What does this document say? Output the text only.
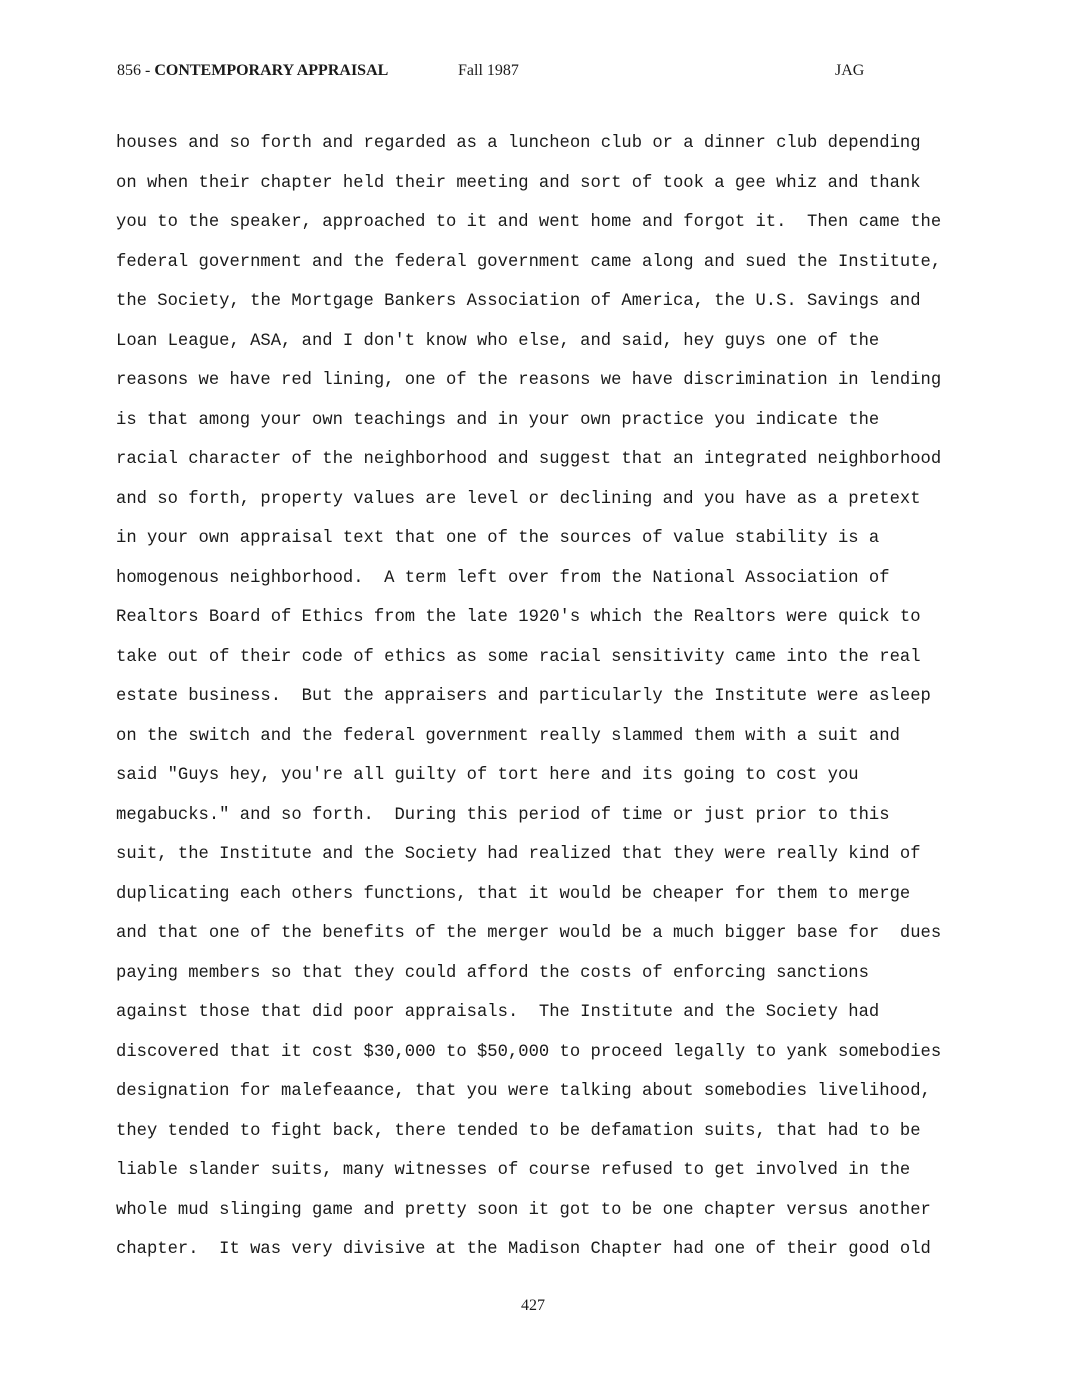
856 - CONTEMPORARY APPRAISAL	Fall 1987	JAG
houses and so forth and regarded as a luncheon club or a dinner club depending
on when their chapter held their meeting and sort of took a gee whiz and thank
you to the speaker, approached to it and went home and forgot it.  Then came the
federal government and the federal government came along and sued the Institute,
the Society, the Mortgage Bankers Association of America, the U.S. Savings and
Loan League, ASA, and I don't know who else, and said, hey guys one of the
reasons we have red lining, one of the reasons we have discrimination in lending
is that among your own teachings and in your own practice you indicate the
racial character of the neighborhood and suggest that an integrated neighborhood
and so forth, property values are level or declining and you have as a pretext
in your own appraisal text that one of the sources of value stability is a
homogenous neighborhood.  A term left over from the National Association of
Realtors Board of Ethics from the late 1920's which the Realtors were quick to
take out of their code of ethics as some racial sensitivity came into the real
estate business.  But the appraisers and particularly the Institute were asleep
on the switch and the federal government really slammed them with a suit and
said "Guys hey, you're all guilty of tort here and its going to cost you
megabucks." and so forth.  During this period of time or just prior to this
suit, the Institute and the Society had realized that they were really kind of
duplicating each others functions, that it would be cheaper for them to merge
and that one of the benefits of the merger would be a much bigger base for  dues
paying members so that they could afford the costs of enforcing sanctions
against those that did poor appraisals.  The Institute and the Society had
discovered that it cost $30,000 to $50,000 to proceed legally to yank somebodies
designation for malefeaance, that you were talking about somebodies livelihood,
they tended to fight back, there tended to be defamation suits, that had to be
liable slander suits, many witnesses of course refused to get involved in the
whole mud slinging game and pretty soon it got to be one chapter versus another
chapter.  It was very divisive at the Madison Chapter had one of their good old
427
